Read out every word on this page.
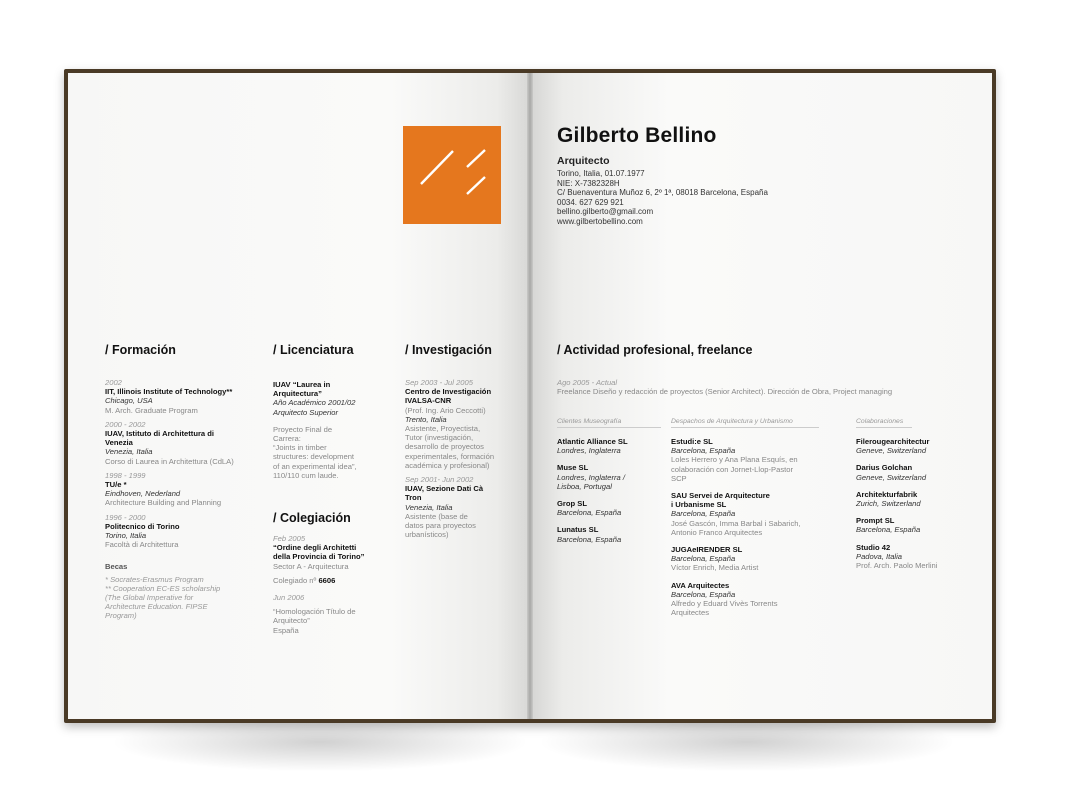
Gilberto Bellino
Arquitecto
Torino, Italia, 01.07.1977
NIE: X-7382328H
C/ Buenaventura Muñoz 6, 2º 1ª, 08018 Barcelona, España
0034. 627 629 921
bellino.gilberto@gmail.com
www.gilbertobellino.com
/ Formación	/ Licenciatura	/ Investigación	/ Actividad profesional, freelance
/ Colegiación
2002
IIT, Illinois Institute of Technology**
Chicago, USA
M. Arch. Graduate Program
2000 - 2002
IUAV, Istituto di Architettura di
Venezia
Venezia, Italia
Corso di Laurea in Architettura (CdLA)
1998 - 1999
TU/e *
Eindhoven, Nederland
Architecture Building and Planning
1996 - 2000
Politecnico di Torino
Torino, Italia
Facoltà di Architettura
Becas
* Socrates-Erasmus Program
** Cooperation EC-ES scholarship
(The Global Imperative for
Architecture Education. FIPSE
Program)
IUAV “Laurea in
Arquitectura”
Año Académico 2001/02
Arquitecto Superior
Proyecto Final de
Carrera:
“Joints in timber
structures: development
of an experimental idea”,
110/110 cum laude.
Feb 2005
“Ordine degli Architetti
della Provincia di Torino”
Sector A - Arquitectura
Colegiado nº 6606
Jun 2006
“Homologación Título de
Arquitecto”
España
Sep 2003 - Jul 2005
Centro de Investigación
IVALSA-CNR
(Prof. Ing. Ario Ceccotti)
Trento, Italia
Asistente, Proyectista,
Tutor (investigación,
desarrollo de proyectos
experimentales, formación
académica y profesional)
Sep 2001- Jun 2002
IUAV, Sezione Dati Cà
Tron
Venezia, Italia
Asistente (base de
datos para proyectos
urbanísticos)
Ago 2005 - Actual
Freelance Diseño y redacción de proyectos (Senior Architect). Dirección de Obra, Project managing
Clientes Museografía	Despachos de Arquitectura y Urbanismo	Colaboraciones
Atlantic Alliance SL
Londres, Inglaterra
Muse SL
Londres, Inglaterra /
Lisboa, Portugal
Grop SL
Barcelona, España
Lunatus SL
Barcelona, España
Estudi:e SL
Barcelona, España
Loles Herrero y Ana Plana Esquís, en
colaboración con Jornet-Llop-Pastor
SCP
SAU Servei de Arquitecture
i Urbanisme SL
Barcelona, España
José Gascón, Imma Barbal i Sabarich,
Antonio Franco Arquitectes
JUGAeIRENDER SL
Barcelona, España
Víctor Enrich, Media Artist
AVA Arquitectes
Barcelona, España
Alfredo y Eduard Vivès Torrents
Arquitectes
Filerougearchitectur
Geneve, Switzerland
Darius Golchan
Geneve, Switzerland
Architekturfabrik
Zurich, Switzerland
Prompt SL
Barcelona, España
Studio 42
Padova, Italia
Prof. Arch. Paolo Merlini
